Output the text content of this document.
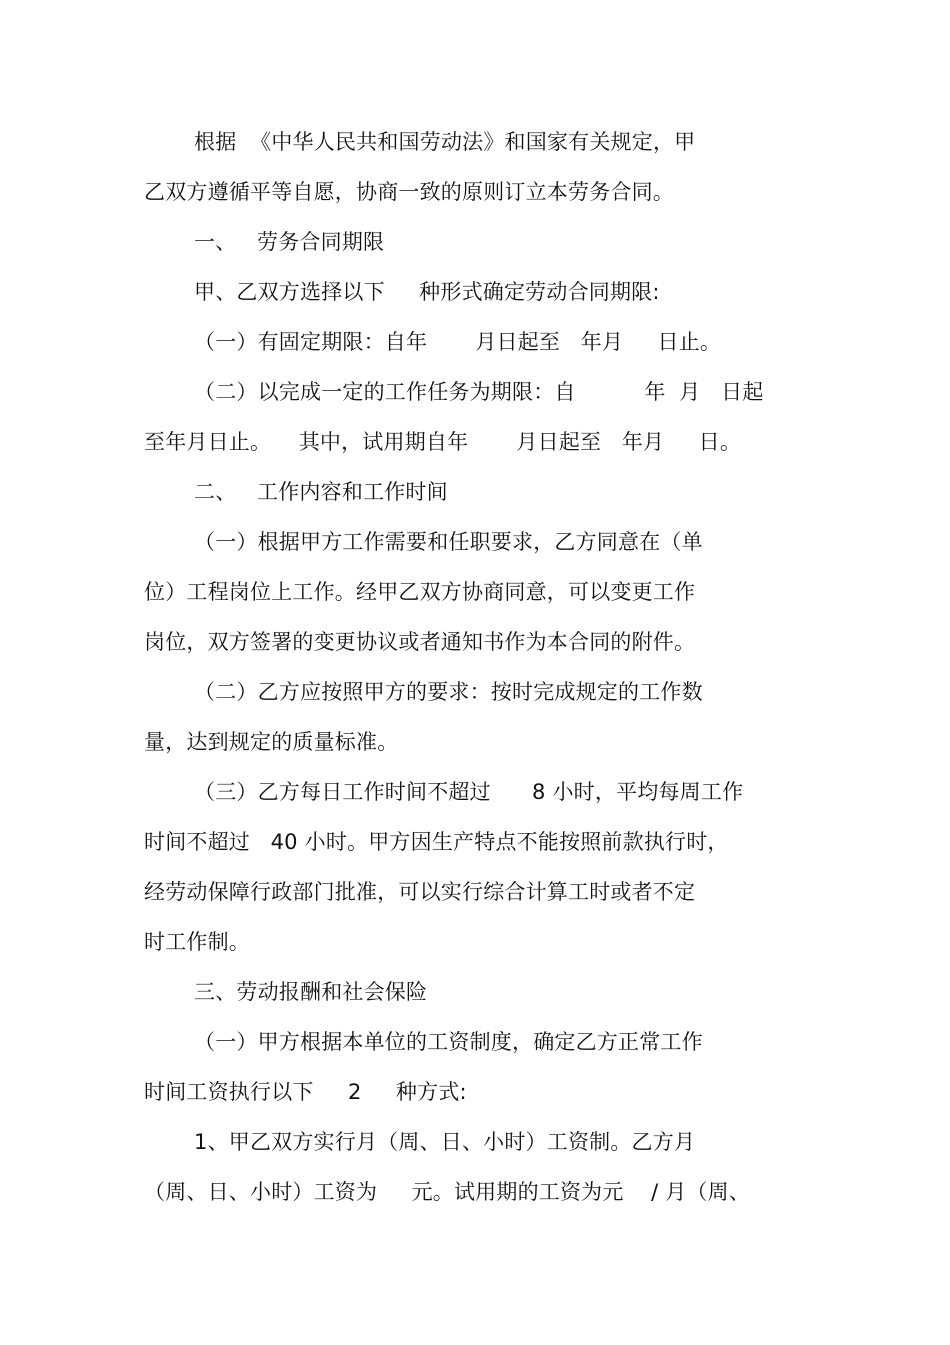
根据  《中华人民共和国劳动法》和国家有关规定，甲
乙双方遵循平等自愿，协商一致的原则订立本劳务合同。
一、   劳务合同期限
甲、乙双方选择以下     种形式确定劳动合同期限:
（一）有固定期限：自年       月日起至   年月     日止。
（二）以完成一定的工作任务为期限：自          年  月   日起
至年月日止。    其中，试用期自年       月日起至   年月     日。
二、   工作内容和工作时间
（一）根据甲方工作需要和任职要求，乙方同意在（单
位）工程岗位上工作。经甲乙双方协商同意，可以变更工作
岗位，双方签署的变更协议或者通知书作为本合同的附件。
（二）乙方应按照甲方的要求：按时完成规定的工作数
量，达到规定的质量标准。
（三）乙方每日工作时间不超过      8 小时，平均每周工作
时间不超过   40 小时。甲方因生产特点不能按照前款执行时，
经劳动保障行政部门批准，可以实行综合计算工时或者不定
时工作制。
三、劳动报酬和社会保险
（一）甲方根据本单位的工资制度，确定乙方正常工作
时间工资执行以下     2     种方式:
1、甲乙双方实行月（周、日、小时）工资制。乙方月
（周、日、小时）工资为     元。试用期的工资为元    / 月（周、
